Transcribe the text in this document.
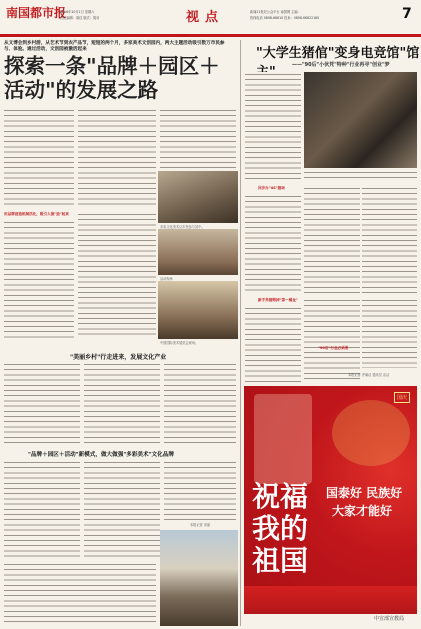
南国都市报
2016年10月1日 星期六
责任编辑：周佳 版式：胡羽	视点	新闻21世纪公众平台 南国网 主编：
热线电话 0898-66810 投诉：0898-66822180	7
从文博会到乡村游，从艺术节到农产品节，短短的两个月，多家美术文创园内，两大主题活动吸引数万市民参与、体验。通过活动，文创园被激活起来
探索一条"品牌＋园区＋活动"的发展之路
用品牌创造机制活化，吸引人流"造"起来
多彩文化美术让市民参与其中。
活动现场
中国国际美术展览会现场。
"美丽乡村"行走进来，发展文化产业
"品牌＋园区＋活动"新模式，做大做强"多彩美术"文化品牌
本报记者 刘丽
"大学生猪倌"变身电竞馆"馆
——"90后"小伙凭"特种"行业再寻"创业"梦
回乡办"4S"猪场
新手养猪赔掉"第一桶金"
"90后"行业必须要
本报记者 齐瑜洁 通讯员 洁洁
国庆
祝福
我的
祖国
国泰好 民族好
大家才能好
中宣部宣教局
